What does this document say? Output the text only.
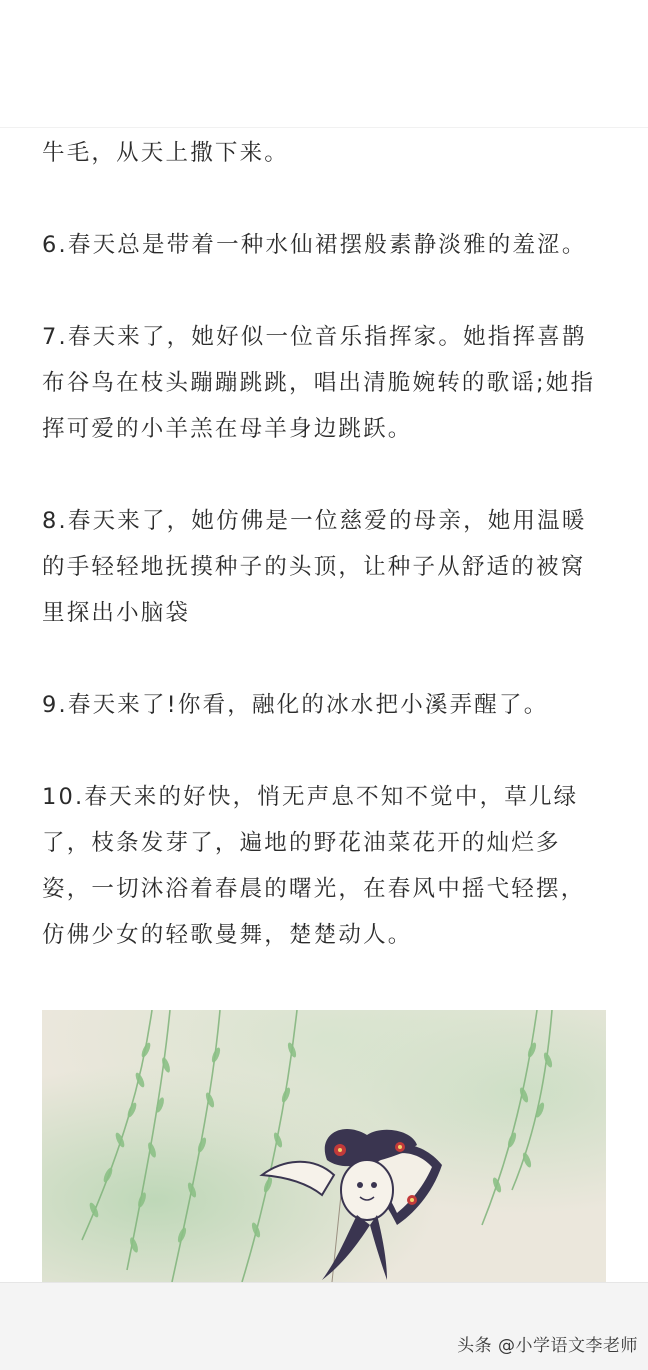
牛毛，从天上撒下来。

6.春天总是带着一种水仙裙摆般素静淡雅的羞涩。

7.春天来了，她好似一位音乐指挥家。她指挥喜鹊布谷鸟在枝头蹦蹦跳跳，唱出清脆婉转的歌谣;她指挥可爱的小羊羔在母羊身边跳跃。

8.春天来了，她仿佛是一位慈爱的母亲，她用温暖的手轻轻地抚摸种子的头顶，让种子从舒适的被窝里探出小脑袋

9.春天来了!你看，融化的冰水把小溪弄醒了。

10.春天来的好快，悄无声息不知不觉中，草儿绿了，枝条发芽了，遍地的野花油菜花开的灿烂多姿，一切沐浴着春晨的曙光，在春风中摇弋轻摆，仿佛少女的轻歌曼舞，楚楚动人。

头条 @小学语文李老师
